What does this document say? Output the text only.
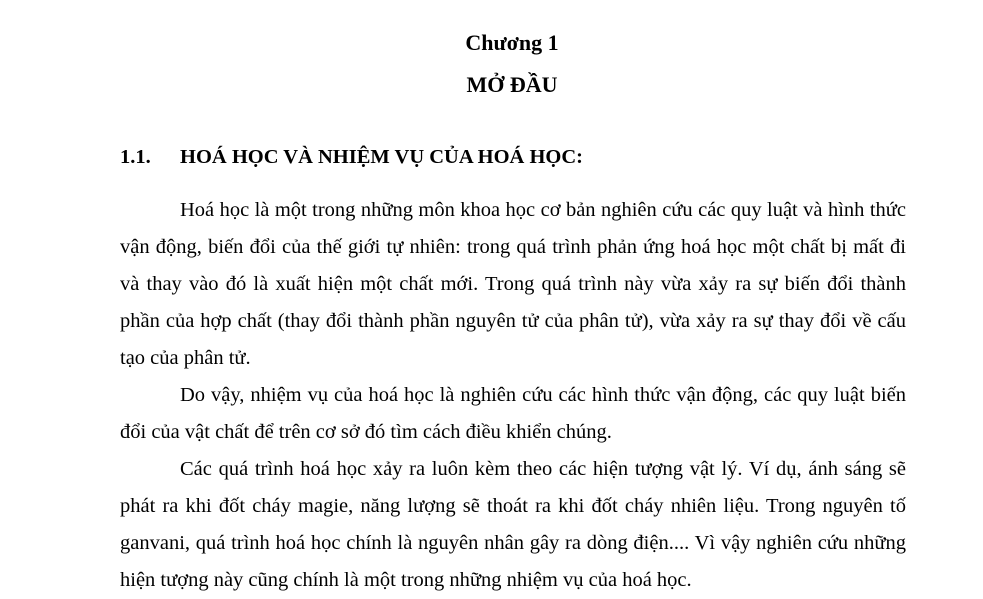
Chương 1
MỞ ĐẦU
1.1. HOÁ HỌC VÀ NHIỆM VỤ CỦA HOÁ HỌC:

Hoá học là một trong những môn khoa học cơ bản nghiên cứu các quy luật và hình thức vận động, biến đổi của thế giới tự nhiên: trong quá trình phản ứng hoá học một chất bị mất đi và thay vào đó là xuất hiện một chất mới. Trong quá trình này vừa xảy ra sự biến đổi thành phần của hợp chất (thay đổi thành phần nguyên tử của phân tử), vừa xảy ra sự thay đổi về cấu tạo của phân tử.

Do vậy, nhiệm vụ của hoá học là nghiên cứu các hình thức vận động, các quy luật biến đổi của vật chất để trên cơ sở đó tìm cách điều khiển chúng.

Các quá trình hoá học xảy ra luôn kèm theo các hiện tượng vật lý. Ví dụ, ánh sáng sẽ phát ra khi đốt cháy magie, năng lượng sẽ thoát ra khi đốt cháy nhiên liệu. Trong nguyên tố ganvani, quá trình hoá học chính là nguyên nhân gây ra dòng điện.... Vì vậy nghiên cứu những hiện tượng này cũng chính là một trong những nhiệm vụ của hoá học.
